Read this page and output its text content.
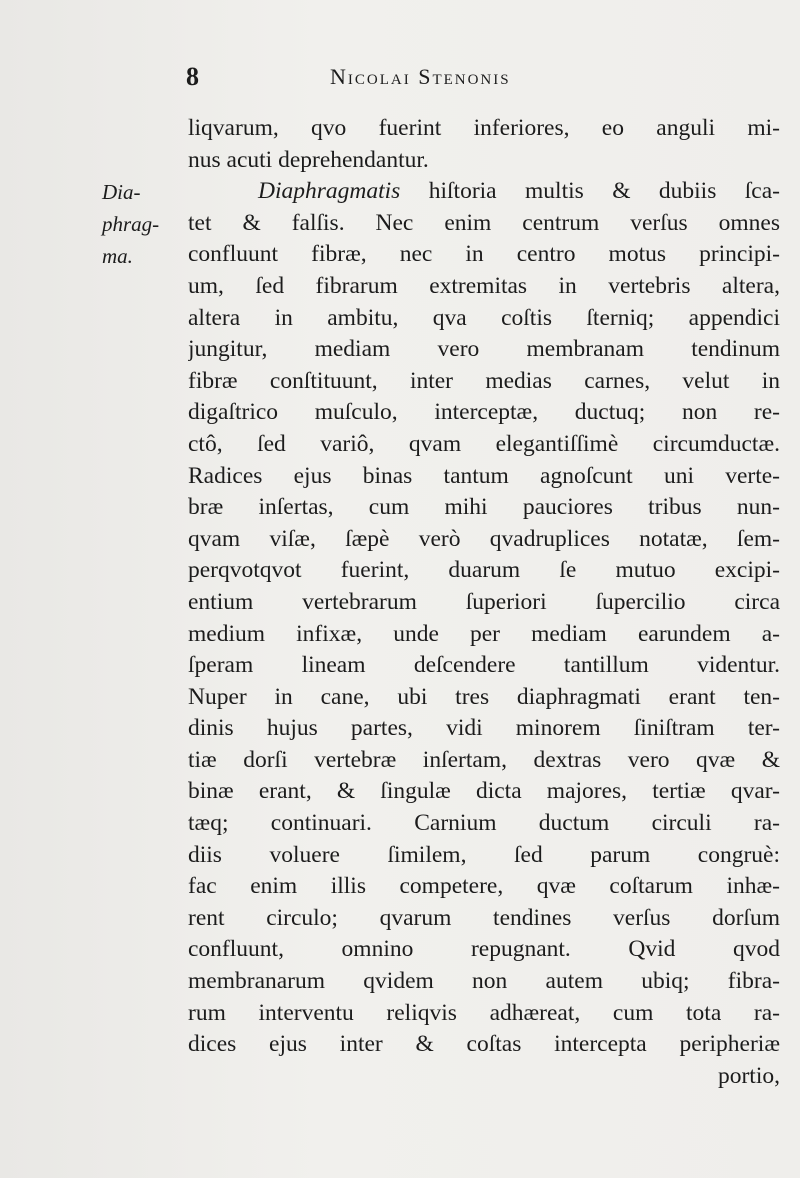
8	Nicolai Stenonis
Dia-
phrag-
ma.
liqvarum, qvo fuerint inferiores, eo anguli mi-
nus acuti deprehendantur.
Diaphragmatis hiſtoria multis & dubiis ſca-
tet & falſis. Nec enim centrum verſus omnes
confluunt fibræ, nec in centro motus principi-
um, ſed fibrarum extremitas in vertebris altera,
altera in ambitu, qva coſtis ſterniq; appendici
jungitur, mediam vero membranam tendinum
fibræ conſtituunt, inter medias carnes, velut in
digaſtrico muſculo, interceptæ, ductuq; non re-
ctô, ſed variô, qvam elegantiſſimè circumductæ.
Radices ejus binas tantum agnoſcunt uni verte-
bræ inſertas, cum mihi pauciores tribus nun-
qvam viſæ, ſæpè verò qvadruplices notatæ, ſem-
perqvotqvot fuerint, duarum ſe mutuo excipi-
entium vertebrarum ſuperiori ſupercilio circa
medium infixæ, unde per mediam earundem a-
ſperam lineam deſcendere tantillum videntur.
Nuper in cane, ubi tres diaphragmati erant ten-
dinis hujus partes, vidi minorem ſiniſtram ter-
tiæ dorſi vertebræ inſertam, dextras vero qvæ &
binæ erant, & ſingulæ dicta majores, tertiæ qvar-
tæq; continuari. Carnium ductum circuli ra-
diis voluere ſimilem, ſed parum congruè:
fac enim illis competere, qvæ coſtarum inhæ-
rent circulo; qvarum tendines verſus dorſum
confluunt, omnino repugnant. Qvid qvod
membranarum qvidem non autem ubiq; fibra-
rum interventu reliqvis adhæreat, cum tota ra-
dices ejus inter & coſtas intercepta peripheriæ
portio,
